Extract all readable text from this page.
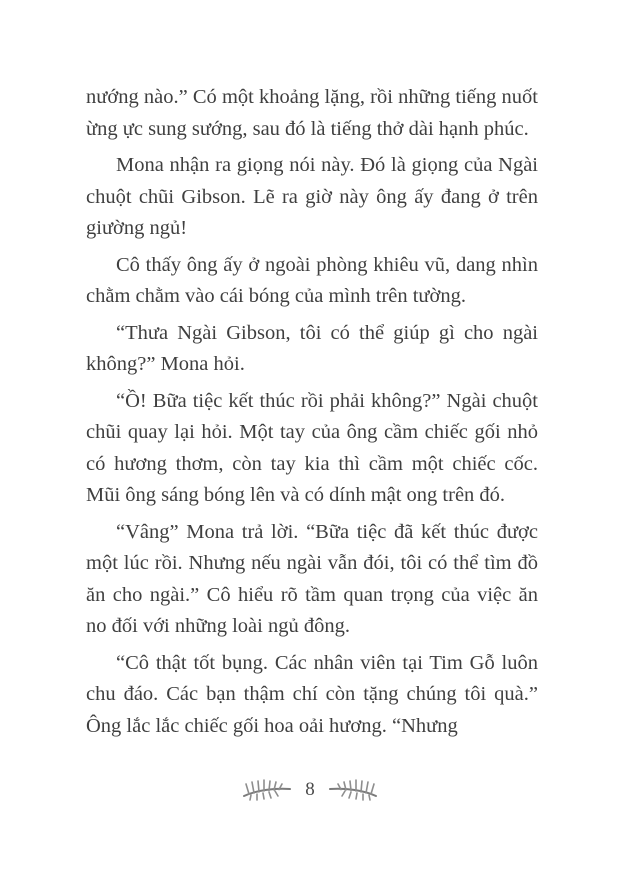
nướng nào.” Có một khoảng lặng, rồi những tiếng nuốt ừng ực sung sướng, sau đó là tiếng thở dài hạnh phúc.

Mona nhận ra giọng nói này. Đó là giọng của Ngài chuột chũi Gibson. Lẽ ra giờ này ông ấy đang ở trên giường ngủ!

Cô thấy ông ấy ở ngoài phòng khiêu vũ, dang nhìn chằm chằm vào cái bóng của mình trên tường.

“Thưa Ngài Gibson, tôi có thể giúp gì cho ngài không?” Mona hỏi.

“Ồ! Bữa tiệc kết thúc rồi phải không?” Ngài chuột chũi quay lại hỏi. Một tay của ông cầm chiếc gối nhỏ có hương thơm, còn tay kia thì cầm một chiếc cốc. Mũi ông sáng bóng lên và có dính mật ong trên đó.

“Vâng” Mona trả lời. “Bữa tiệc đã kết thúc được một lúc rồi. Nhưng nếu ngài vẫn đói, tôi có thể tìm đồ ăn cho ngài.” Cô hiểu rõ tầm quan trọng của việc ăn no đối với những loài ngủ đông.

“Cô thật tốt bụng. Các nhân viên tại Tim Gỗ luôn chu đáo. Các bạn thậm chí còn tặng chúng tôi quà.” Ông lắc lắc chiếc gối hoa oải hương. “Nhưng

8
